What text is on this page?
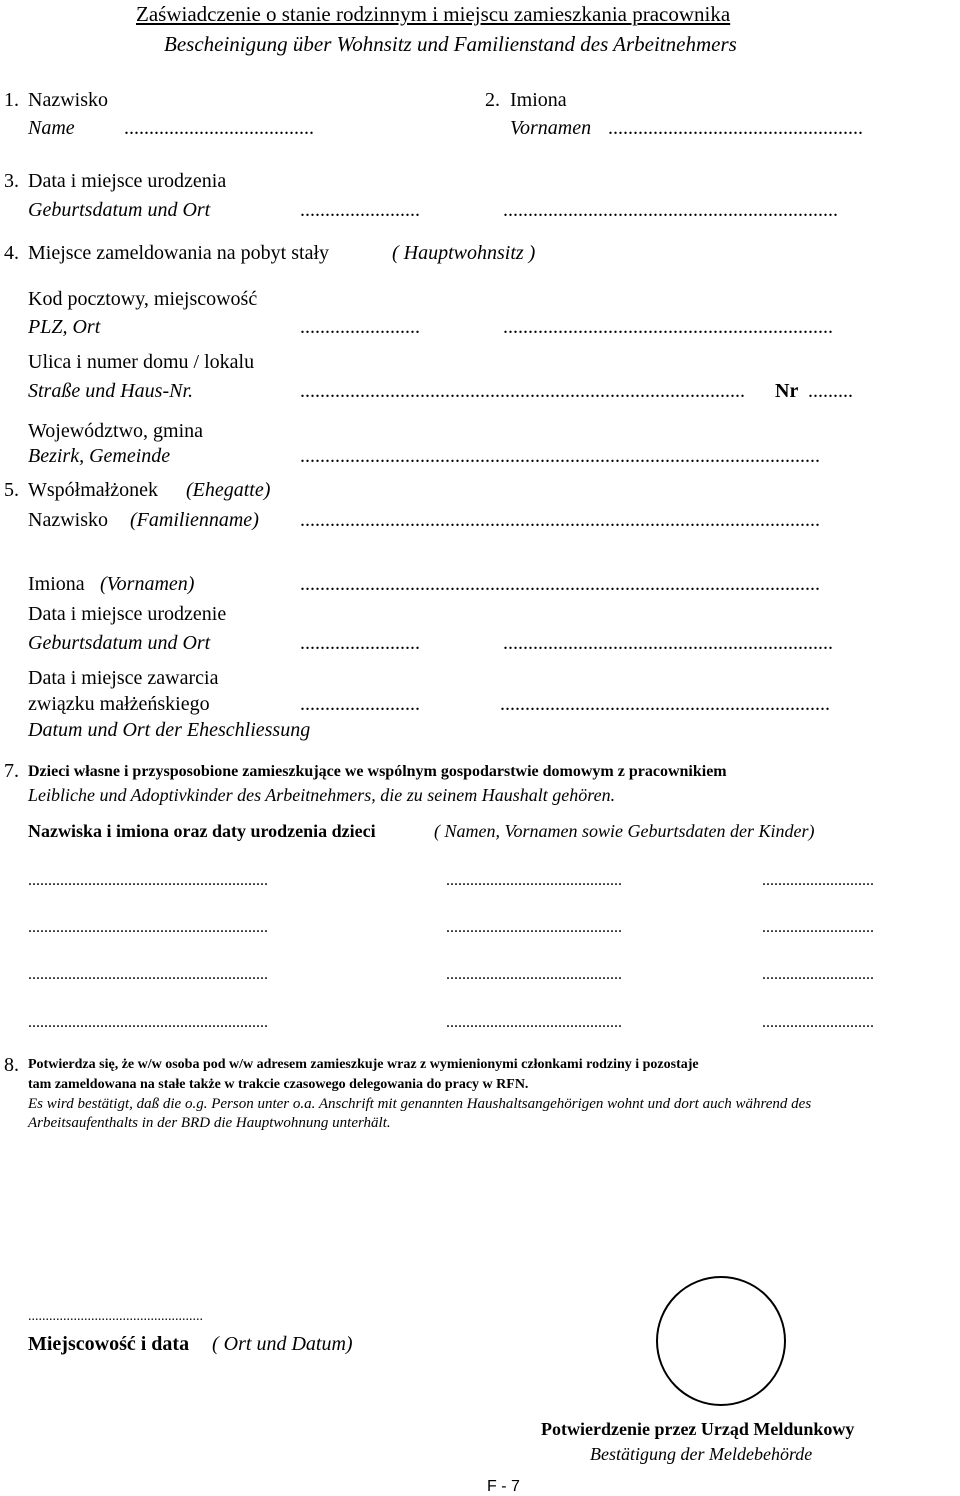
Zaświadczenie o stanie rodzinnym i miejscu zamieszkania pracownika
Bescheinigung über Wohnsitz und Familienstand des Arbeitnehmers
1. Nazwisko
Name ......................................
2. Imiona
Vornamen ...................................................
3. Data i miejsce urodzenia
Geburtsdatum und Ort	........................	...................................................................
4. Miejsce zameldowania na pobyt stały	( Hauptwohnsitz )
Kod pocztowy, miejscowość
PLZ, Ort	........................	..................................................................
Ulica i numer domu / lokalu
Straße und Haus-Nr.	......................................................................................... Nr .........
Województwo, gmina
Bezirk, Gemeinde	........................................................................................................
5. Współmałżonek (Ehegatte)
Nazwisko (Familienname) ........................................................................................................
Imiona (Vornamen)	........................................................................................................
Data i miejsce urodzenie
Geburtsdatum und Ort	........................	..................................................................
Data i miejsce zawarcia
związku małżeńskiego	........................	..................................................................
Datum und Ort der Eheschliessung
7. Dzieci własne i przysposobione zamieszkujące we wspólnym gospodarstwie domowym z pracownikiem
Leibliche und Adoptivkinder des Arbeitnehmers, die zu seinem Haushalt gehören.
Nazwiska i imiona oraz daty urodzenia dzieci	( Namen, Vornamen sowie Geburtsdaten der Kinder)
............................................................	............................................	............................
............................................................	............................................	............................
............................................................	............................................	............................
............................................................	............................................	............................
8. Potwierdza się, że w/w osoba pod w/w adresem zamieszkuje wraz z wymienionymi członkami rodziny i pozostaje
tam zameldowana na stałe także w trakcie czasowego delegowania do pracy w RFN.
Es wird bestätigt, daß die o.g. Person unter o.a. Anschrift mit genannten Haushaltsangehörigen wohnt und dort auch während des
Arbeitsaufenthalts in der BRD die Hauptwohnung unterhält.
..................................................
Miejscowość i data ( Ort und Datum)
Potwierdzenie przez Urząd Meldunkowy
Bestätigung der Meldebehörde
F - 7
